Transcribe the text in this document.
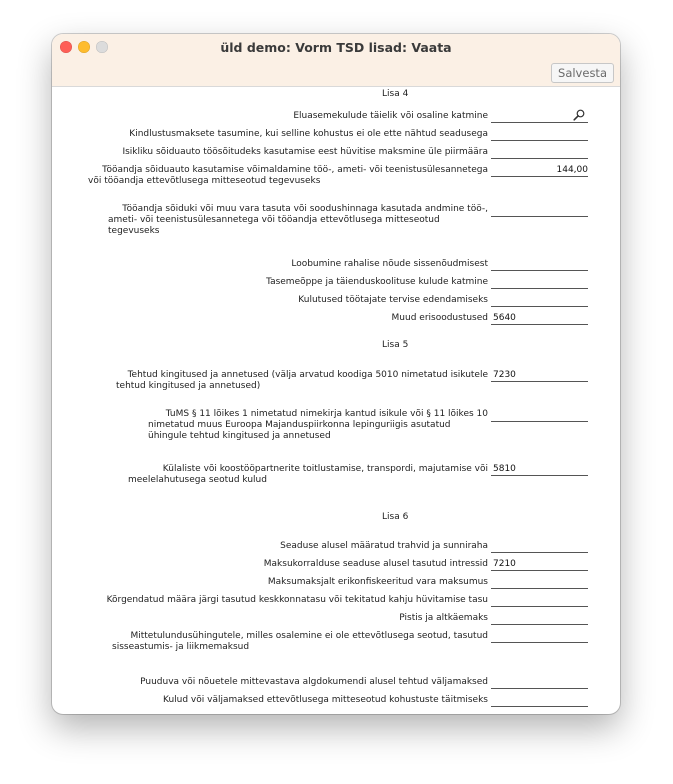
üld demo: Vorm TSD lisad: Vaata
Salvesta
Lisa 4
Eluasemekulude täielik või osaline katmine
Kindlustusmaksete tasumine, kui selline kohustus ei ole ette nähtud seadusega
Isikliku sõiduauto töösõitudeks kasutamise eest hüvitise maksmine üle piirmäära
Tööandja sõiduauto kasutamise võimaldamine töö-, ameti- või teenistusülesannetega
või tööandja ettevõtlusega mitteseotud tegevuseks
144,00
Tööandja sõiduki või muu vara tasuta või soodushinnaga kasutada andmine töö-,
ameti- või teenistusülesannetega või tööandja ettevõtlusega mitteseotud
tegevuseks
Loobumine rahalise nõude sissenõudmisest
Tasemeõppe ja täienduskoolituse kulude katmine
Kulutused töötajate tervise edendamiseks
Muud erisoodustused 5640
Lisa 5
Tehtud kingitused ja annetused (välja arvatud koodiga 5010 nimetatud isikutele
tehtud kingitused ja annetused)
7230
TuMS § 11 lõikes 1 nimetatud nimekirja kantud isikule või § 11 lõikes 10
nimetatud muus Euroopa Majanduspiirkonna lepinguriigis asutatud
ühingule tehtud kingitused ja annetused
Külaliste või koostööpartnerite toitlustamise, transpordi, majutamise või
meelelahutusega seotud kulud
5810
Lisa 6
Seaduse alusel määratud trahvid ja sunniraha
Maksukorralduse seaduse alusel tasutud intressid 7210
Maksumaksjalt erikonfiskeeritud vara maksumus
Kõrgendatud määra järgi tasutud keskkonnatasu või tekitatud kahju hüvitamise tasu
Pistis ja altkäemaks
Mittetulundusühingutele, milles osalemine ei ole ettevõtlusega seotud, tasutud
sisseastumis- ja liikmemaksud
Puuduva või nõuetele mittevastava algdokumendi alusel tehtud väljamaksed
Kulud või väljamaksed ettevõtlusega mitteseotud kohustuste täitmiseks
